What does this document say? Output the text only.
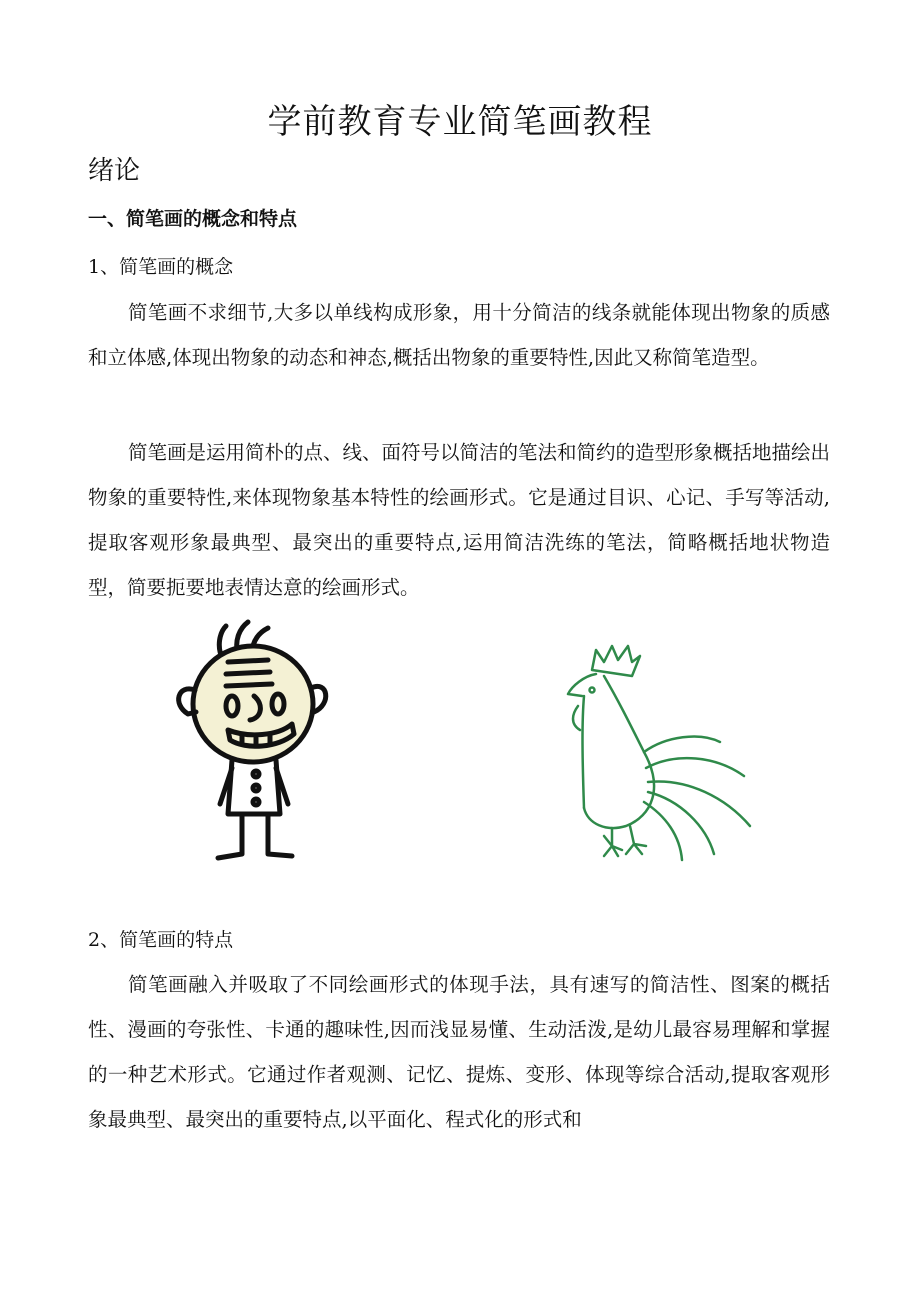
学前教育专业简笔画教程
绪论
一、简笔画的概念和特点
1、简笔画的概念
简笔画不求细节,大多以单线构成形象，用十分简洁的线条就能体现出物象的质感和立体感,体现出物象的动态和神态,概括出物象的重要特性,因此又称简笔造型。
简笔画是运用简朴的点、线、面符号以简洁的笔法和简约的造型形象概括地描绘出物象的重要特性,来体现物象基本特性的绘画形式。它是通过目识、心记、手写等活动,提取客观形象最典型、最突出的重要特点,运用简洁洗练的笔法，简略概括地状物造型，简要扼要地表情达意的绘画形式。
2、简笔画的特点
简笔画融入并吸取了不同绘画形式的体现手法，具有速写的简洁性、图案的概括性、漫画的夸张性、卡通的趣味性,因而浅显易懂、生动活泼,是幼儿最容易理解和掌握的一种艺术形式。它通过作者观测、记忆、提炼、变形、体现等综合活动,提取客观形象最典型、最突出的重要特点,以平面化、程式化的形式和
